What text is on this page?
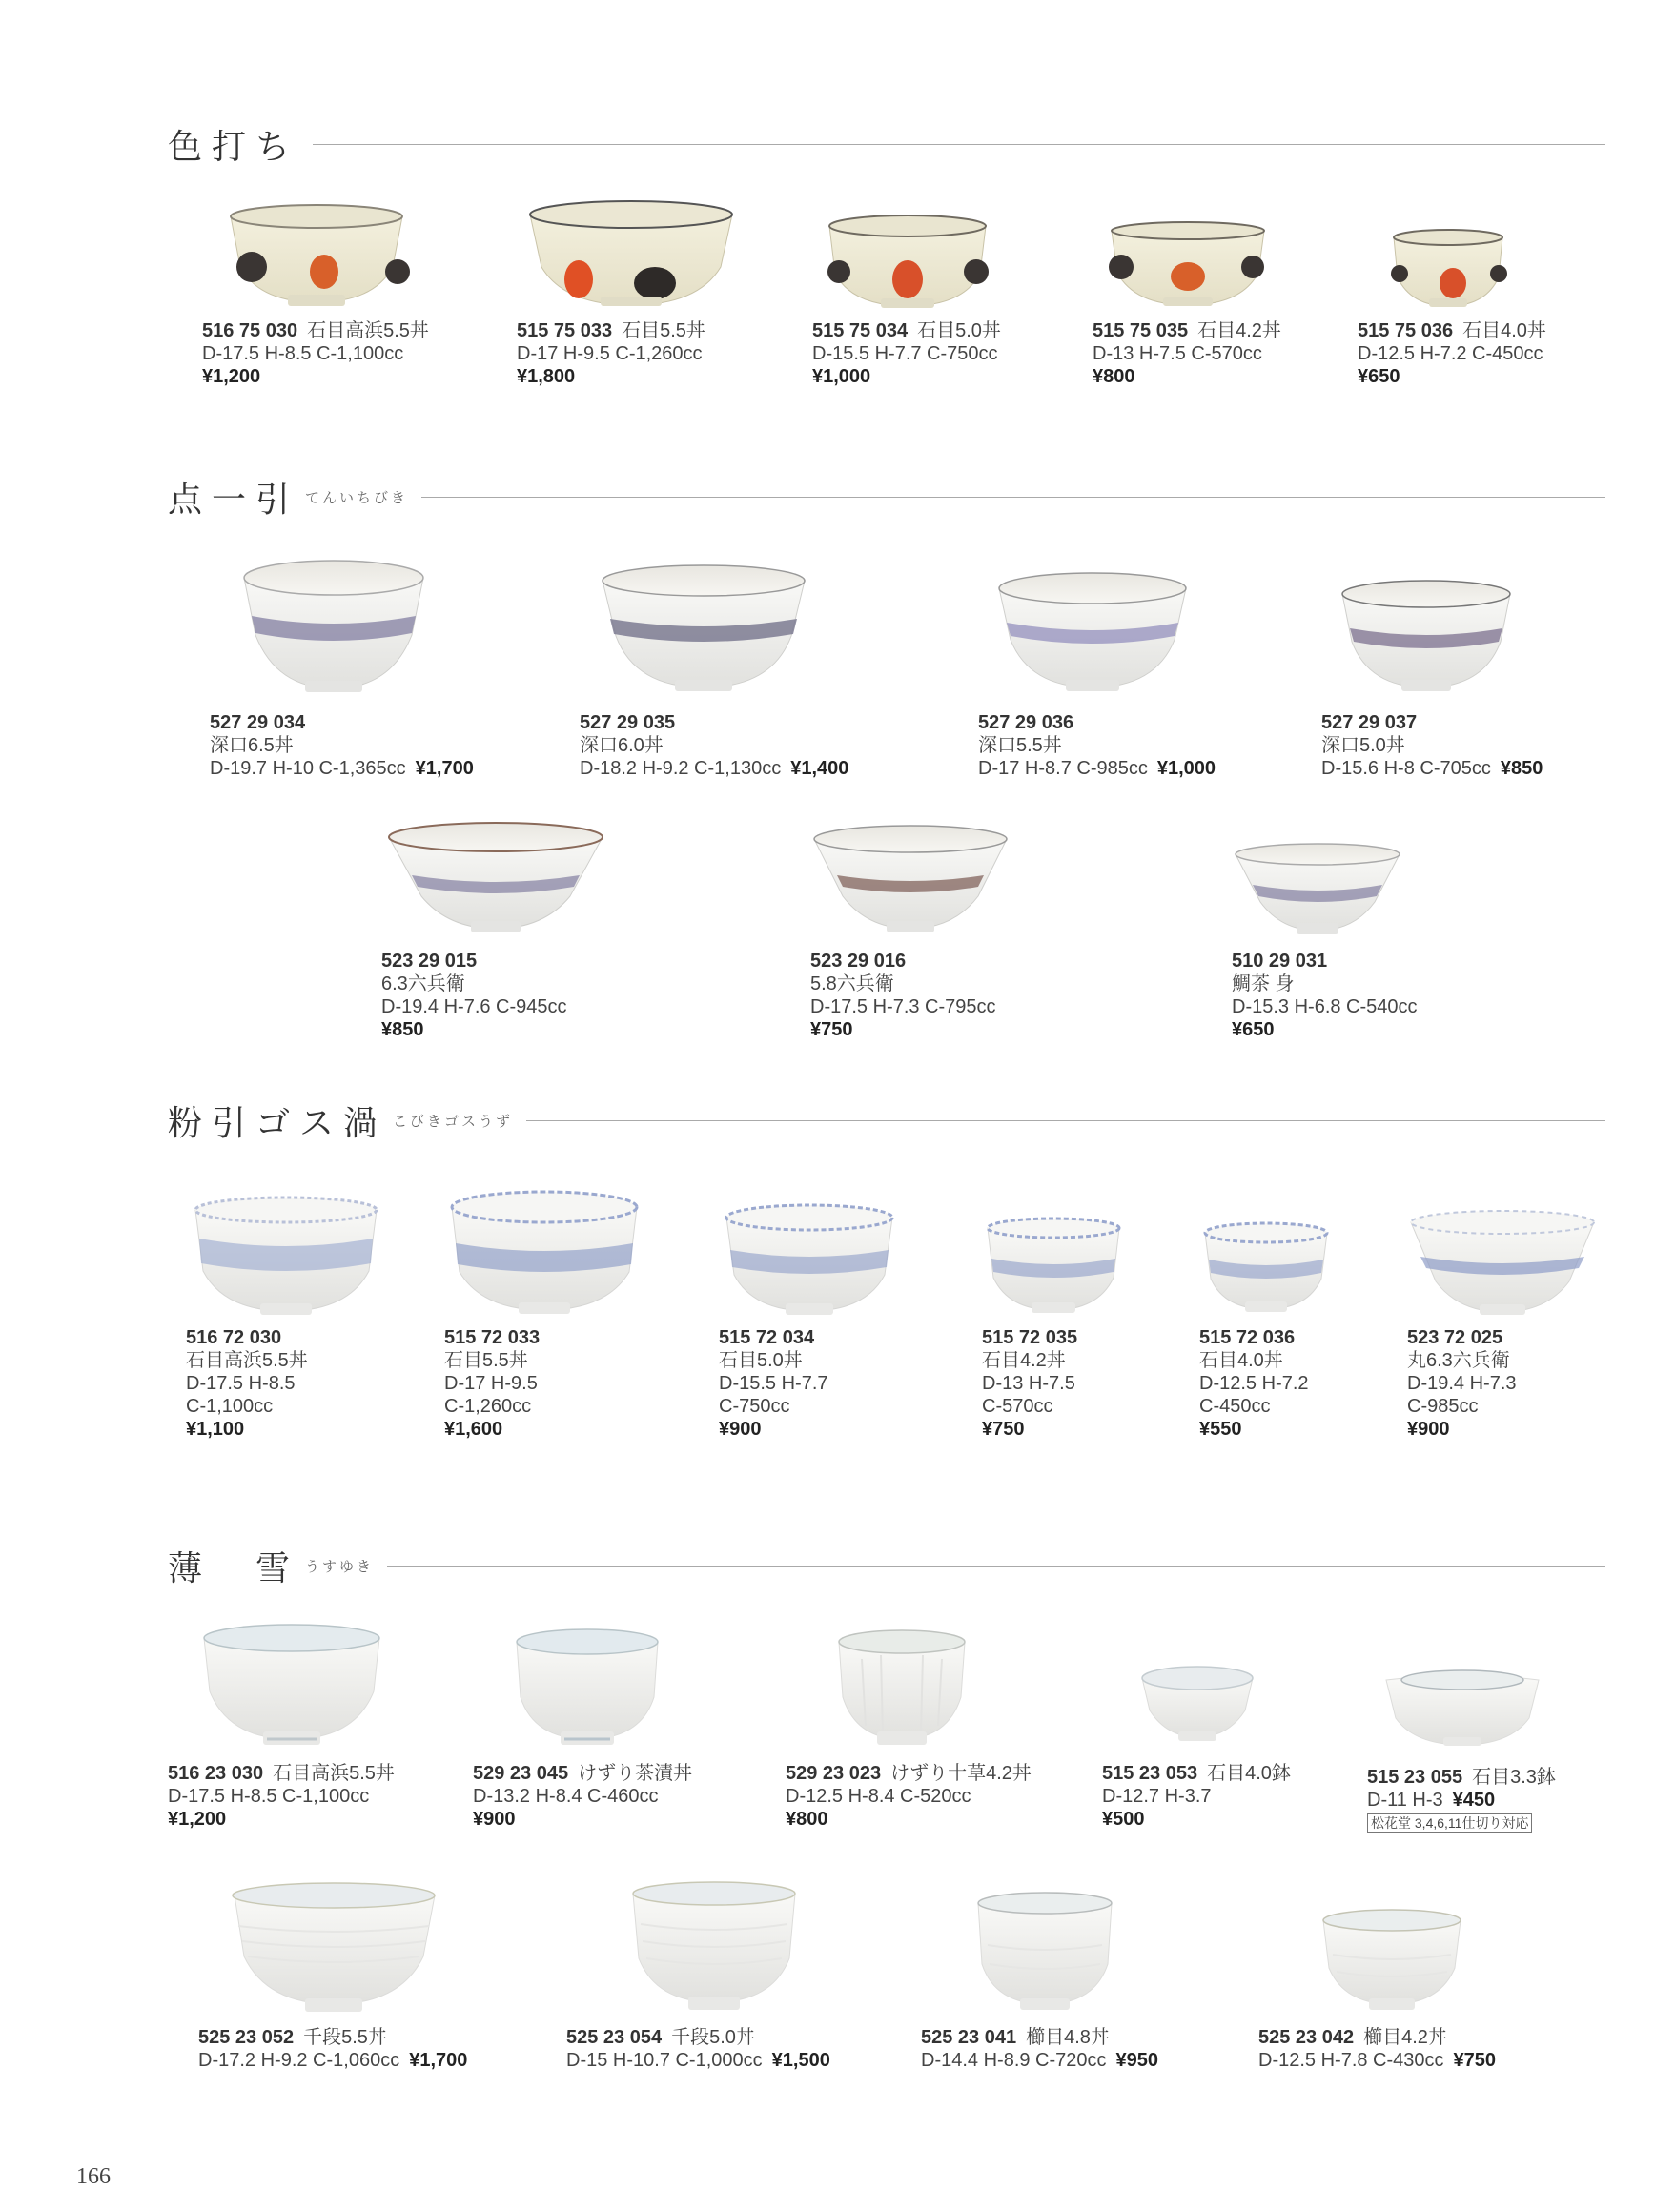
色打ち
516 75 030 石目高浜5.5丼
D-17.5 H-8.5 C-1,100cc
¥1,200
515 75 033 石目5.5丼
D-17 H-9.5 C-1,260cc
¥1,800
515 75 034 石目5.0丼
D-15.5 H-7.7 C-750cc
¥1,000
515 75 035 石目4.2丼
D-13 H-7.5 C-570cc
¥800
515 75 036 石目4.0丼
D-12.5 H-7.2 C-450cc
¥650
点一引 てんいちびき
527 29 034
深口6.5丼
D-19.7 H-10 C-1,365cc ¥1,700
527 29 035
深口6.0丼
D-18.2 H-9.2 C-1,130cc ¥1,400
527 29 036
深口5.5丼
D-17 H-8.7 C-985cc ¥1,000
527 29 037
深口5.0丼
D-15.6 H-8 C-705cc ¥850
523 29 015
6.3六兵衛
D-19.4 H-7.6 C-945cc
¥850
523 29 016
5.8六兵衛
D-17.5 H-7.3 C-795cc
¥750
510 29 031
鯛茶 身
D-15.3 H-6.8 C-540cc
¥650
粉引ゴス渦 こびきゴスうず
516 72 030
石目高浜5.5丼
D-17.5 H-8.5
C-1,100cc
¥1,100
515 72 033
石目5.5丼
D-17 H-9.5
C-1,260cc
¥1,600
515 72 034
石目5.0丼
D-15.5 H-7.7
C-750cc
¥900
515 72 035
石目4.2丼
D-13 H-7.5
C-570cc
¥750
515 72 036
石目4.0丼
D-12.5 H-7.2
C-450cc
¥550
523 72 025
丸6.3六兵衛
D-19.4 H-7.3
C-985cc
¥900
薄　雪 うすゆき
516 23 030 石目高浜5.5丼
D-17.5 H-8.5 C-1,100cc
¥1,200
529 23 045 けずり茶漬丼
D-13.2 H-8.4 C-460cc
¥900
529 23 023 けずり十草4.2丼
D-12.5 H-8.4 C-520cc
¥800
515 23 053 石目4.0鉢
D-12.7 H-3.7
¥500
515 23 055 石目3.3鉢
D-11 H-3 ¥450
松花堂 3,4,6,11仕切り対応
525 23 052 千段5.5丼
D-17.2 H-9.2 C-1,060cc ¥1,700
525 23 054 千段5.0丼
D-15 H-10.7 C-1,000cc ¥1,500
525 23 041 櫛目4.8丼
D-14.4 H-8.9 C-720cc ¥950
525 23 042 櫛目4.2丼
D-12.5 H-7.8 C-430cc ¥750
166
